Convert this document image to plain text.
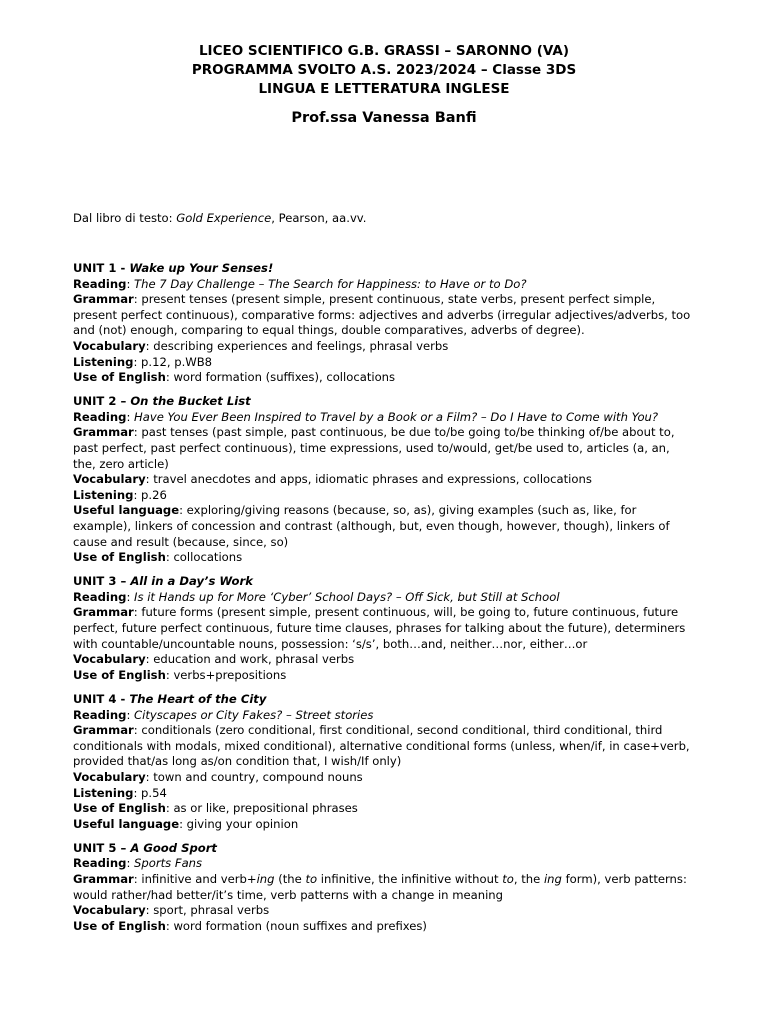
LICEO SCIENTIFICO G.B. GRASSI – SARONNO (VA)
PROGRAMMA SVOLTO A.S. 2023/2024 – Classe 3DS
LINGUA E LETTERATURA INGLESE
Prof.ssa Vanessa Banfi
Dal libro di testo: Gold Experience, Pearson, aa.vv.
UNIT 1 - Wake up Your Senses!
Reading: The 7 Day Challenge – The Search for Happiness: to Have or to Do?
Grammar: present tenses (present simple, present continuous, state verbs, present perfect simple, present perfect continuous), comparative forms: adjectives and adverbs (irregular adjectives/adverbs, too and (not) enough, comparing to equal things, double comparatives, adverbs of degree).
Vocabulary: describing experiences and feelings, phrasal verbs
Listening: p.12, p.WB8
Use of English: word formation (suffixes), collocations
UNIT 2 – On the Bucket List
Reading: Have You Ever Been Inspired to Travel by a Book or a Film? – Do I Have to Come with You?
Grammar: past tenses (past simple, past continuous, be due to/be going to/be thinking of/be about to, past perfect, past perfect continuous), time expressions, used to/would, get/be used to, articles (a, an, the, zero article)
Vocabulary: travel anecdotes and apps, idiomatic phrases and expressions, collocations
Listening: p.26
Useful language: exploring/giving reasons (because, so, as), giving examples (such as, like, for example), linkers of concession and contrast (although, but, even though, however, though), linkers of cause and result (because, since, so)
Use of English: collocations
UNIT 3 – All in a Day’s Work
Reading: Is it Hands up for More ‘Cyber’ School Days? – Off Sick, but Still at School
Grammar: future forms (present simple, present continuous, will, be going to, future continuous, future perfect, future perfect continuous, future time clauses, phrases for talking about the future), determiners with countable/uncountable nouns, possession: ‘s/s’, both…and, neither…nor, either…or
Vocabulary: education and work, phrasal verbs
Use of English: verbs+prepositions
UNIT 4 - The Heart of the City
Reading: Cityscapes or City Fakes? – Street stories
Grammar: conditionals (zero conditional, first conditional, second conditional, third conditional, third conditionals with modals, mixed conditional), alternative conditional forms (unless, when/if, in case+verb, provided that/as long as/on condition that, I wish/If only)
Vocabulary: town and country, compound nouns
Listening: p.54
Use of English: as or like, prepositional phrases
Useful language: giving your opinion
UNIT 5 – A Good Sport
Reading: Sports Fans
Grammar: infinitive and verb+ing (the to infinitive, the infinitive without to, the ing form), verb patterns: would rather/had better/it’s time, verb patterns with a change in meaning
Vocabulary: sport, phrasal verbs
Use of English: word formation (noun suffixes and prefixes)
